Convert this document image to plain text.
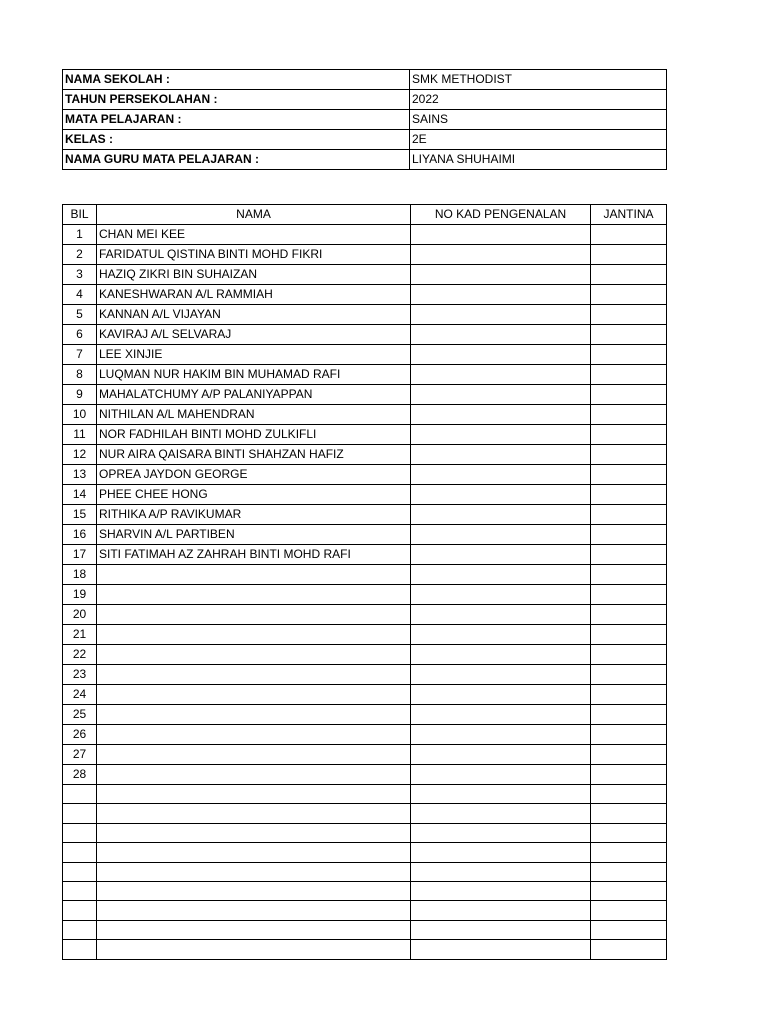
NAMA SEKOLAH :	SMK METHODIST
TAHUN PERSEKOLAHAN :	2022
MATA PELAJARAN :	SAINS
KELAS :	2E
NAMA GURU MATA PELAJARAN :	LIYANA SHUHAIMI
BIL	NAMA	NO KAD PENGENALAN	JANTINA
1	CHAN MEI KEE		
2	FARIDATUL QISTINA BINTI MOHD FIKRI		
3	HAZIQ ZIKRI BIN SUHAIZAN		
4	KANESHWARAN A/L RAMMIAH		
5	KANNAN A/L VIJAYAN		
6	KAVIRAJ A/L SELVARAJ		
7	LEE XINJIE		
8	LUQMAN NUR HAKIM BIN MUHAMAD RAFI		
9	MAHALATCHUMY A/P PALANIYAPPAN		
10	NITHILAN A/L MAHENDRAN		
11	NOR FADHILAH BINTI MOHD ZULKIFLI		
12	NUR AIRA QAISARA BINTI SHAHZAN HAFIZ		
13	OPREA JAYDON GEORGE		
14	PHEE CHEE HONG		
15	RITHIKA A/P RAVIKUMAR		
16	SHARVIN A/L PARTIBEN		
17	SITI FATIMAH AZ ZAHRAH BINTI MOHD RAFI		
18			
19			
20			
21			
22			
23			
24			
25			
26			
27			
28			
